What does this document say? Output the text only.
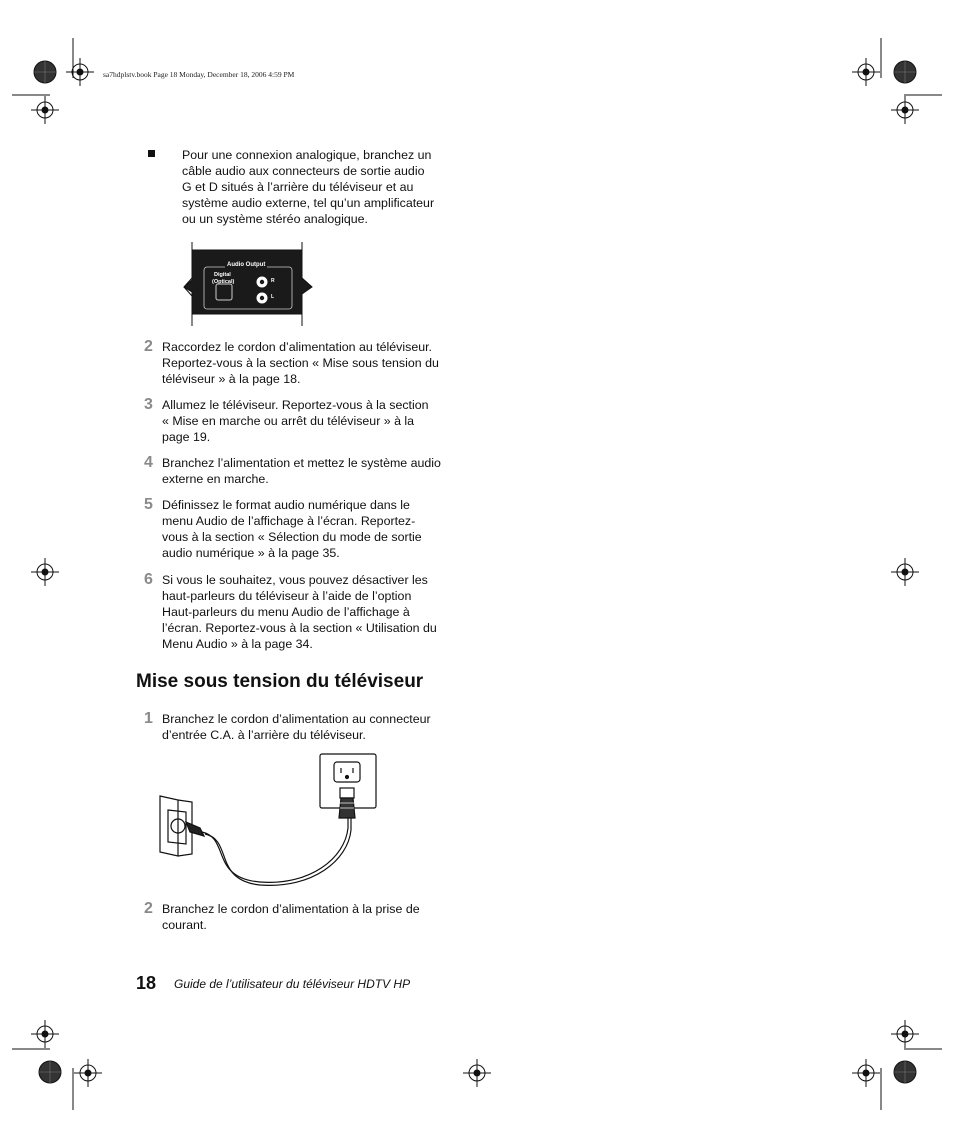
sa7hdplstv.book Page 18 Monday, December 18, 2006 4:59 PM
Pour une connexion analogique, branchez un
câble audio aux connecteurs de sortie audio
G et D situés à l’arrière du téléviseur et au
système audio externe, tel qu’un amplificateur
ou un système stéréo analogique.
Audio Output
Digital
(Optical)	R
L
2 Raccordez le cordon d’alimentation au téléviseur.
Reportez-vous à la section « Mise sous tension du
téléviseur » à la page 18.
3 Allumez le téléviseur. Reportez-vous à la section
« Mise en marche ou arrêt du téléviseur » à la
page 19.
4 Branchez l’alimentation et mettez le système audio
externe en marche.
5 Définissez le format audio numérique dans le
menu Audio de l’affichage à l’écran. Reportez-
vous à la section « Sélection du mode de sortie
audio numérique » à la page 35.
6 Si vous le souhaitez, vous pouvez désactiver les
haut-parleurs du téléviseur à l’aide de l’option
Haut-parleurs du menu Audio de l’affichage à
l’écran. Reportez-vous à la section « Utilisation du
Menu Audio » à la page 34.
Mise sous tension du téléviseur
1 Branchez le cordon d’alimentation au connecteur
d’entrée C.A. à l’arrière du téléviseur.
2 Branchez le cordon d’alimentation à la prise de
courant.
18 Guide de l’utilisateur du téléviseur HDTV HP
